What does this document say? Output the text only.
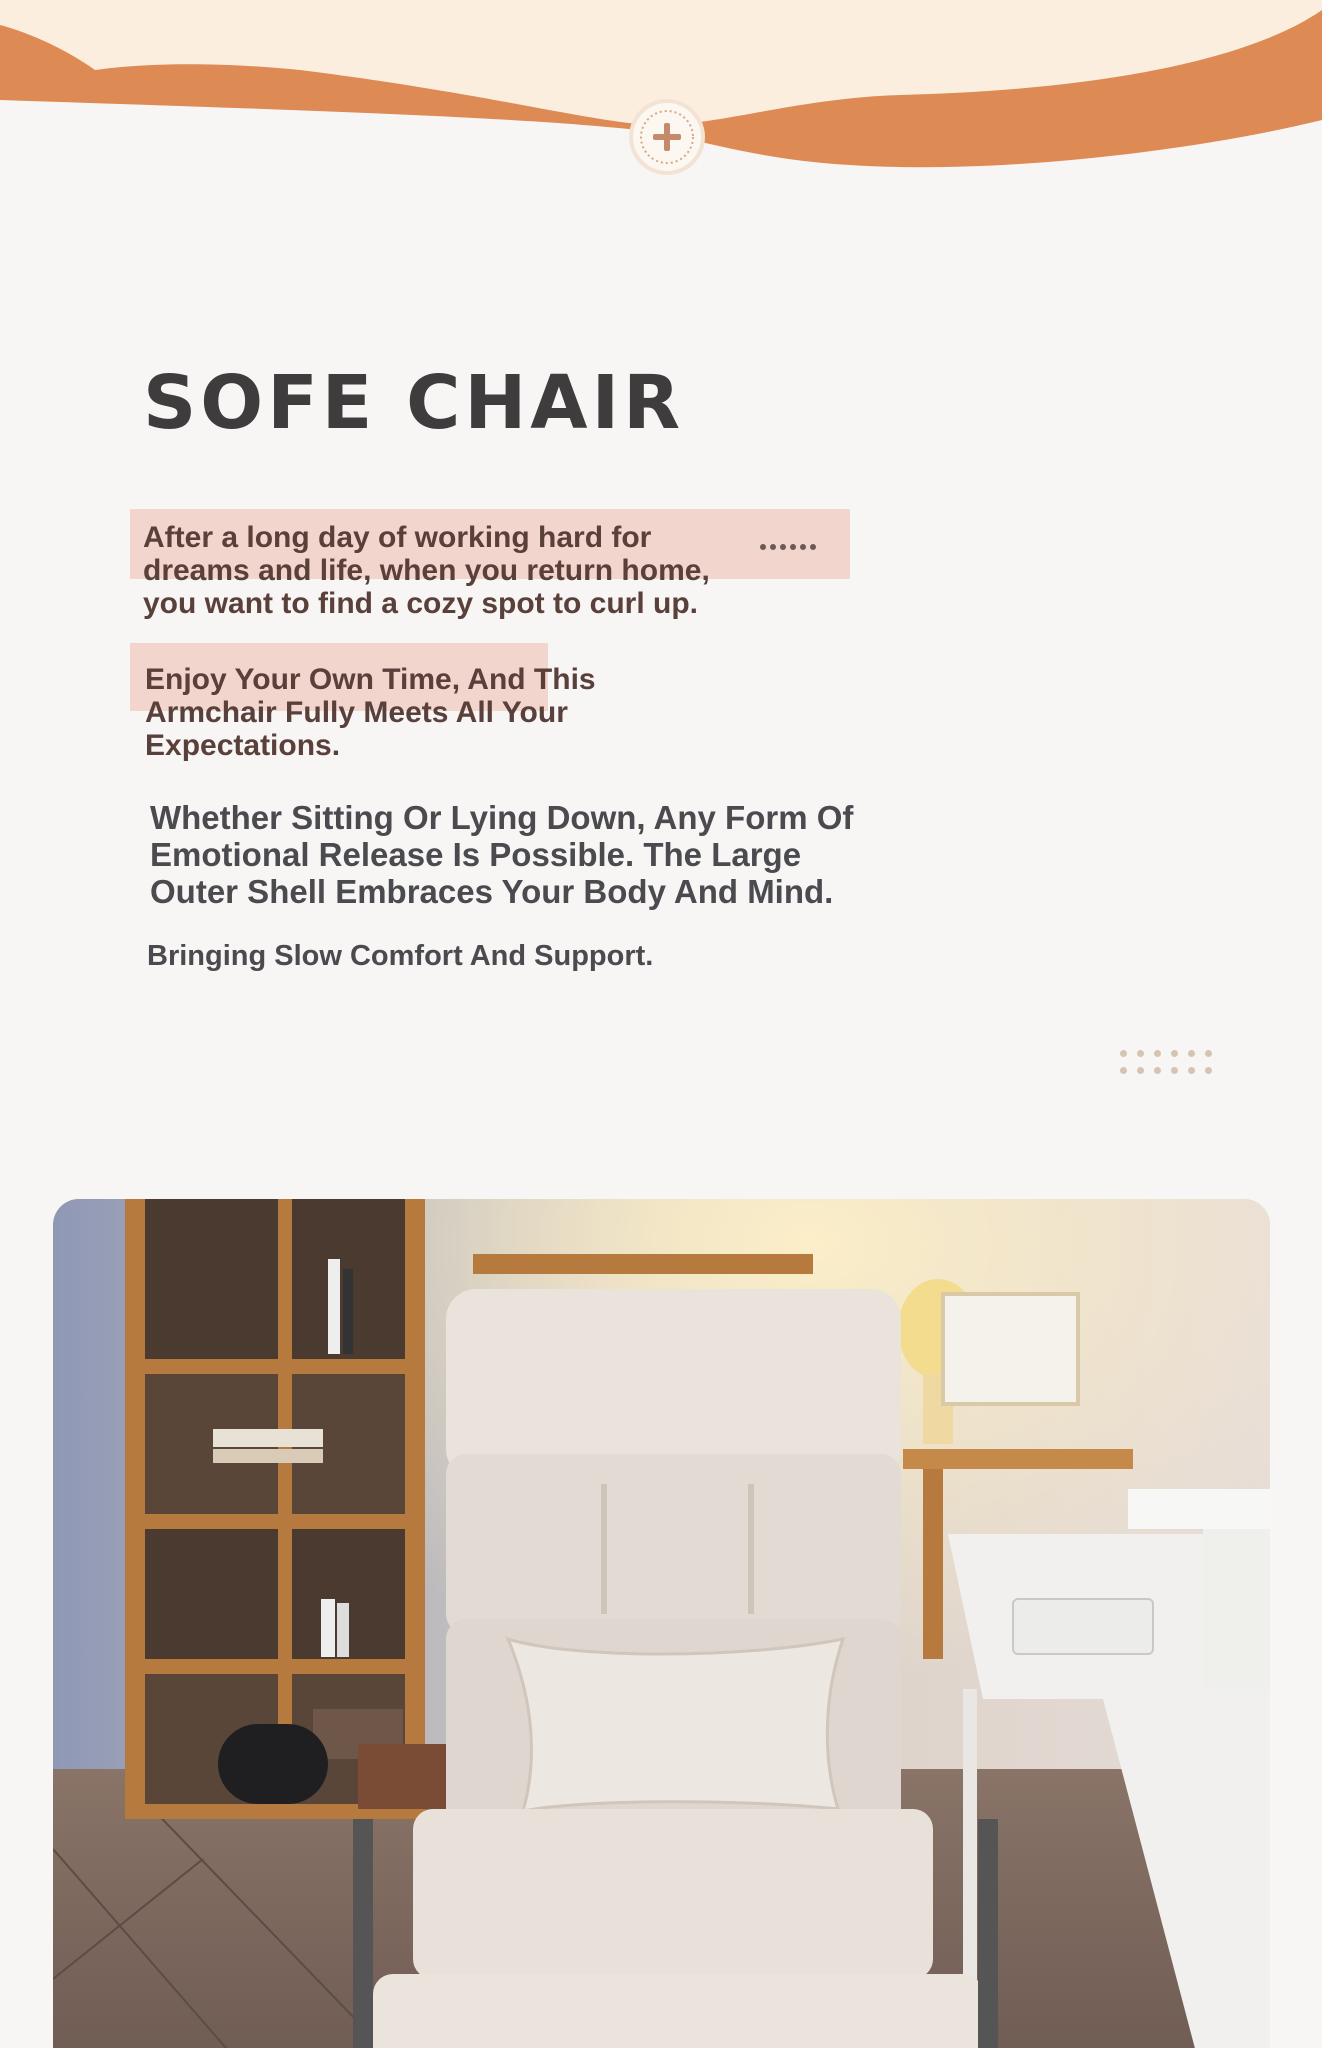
SOFE CHAIR

After a long day of working hard for dreams and life, when you return home, you want to find a cozy spot to curl up.

Enjoy Your Own Time, And This Armchair Fully Meets All Your Expectations.

Whether Sitting Or Lying Down, Any Form Of Emotional Release Is Possible. The Large Outer Shell Embraces Your Body And Mind.

Bringing Slow Comfort And Support.
